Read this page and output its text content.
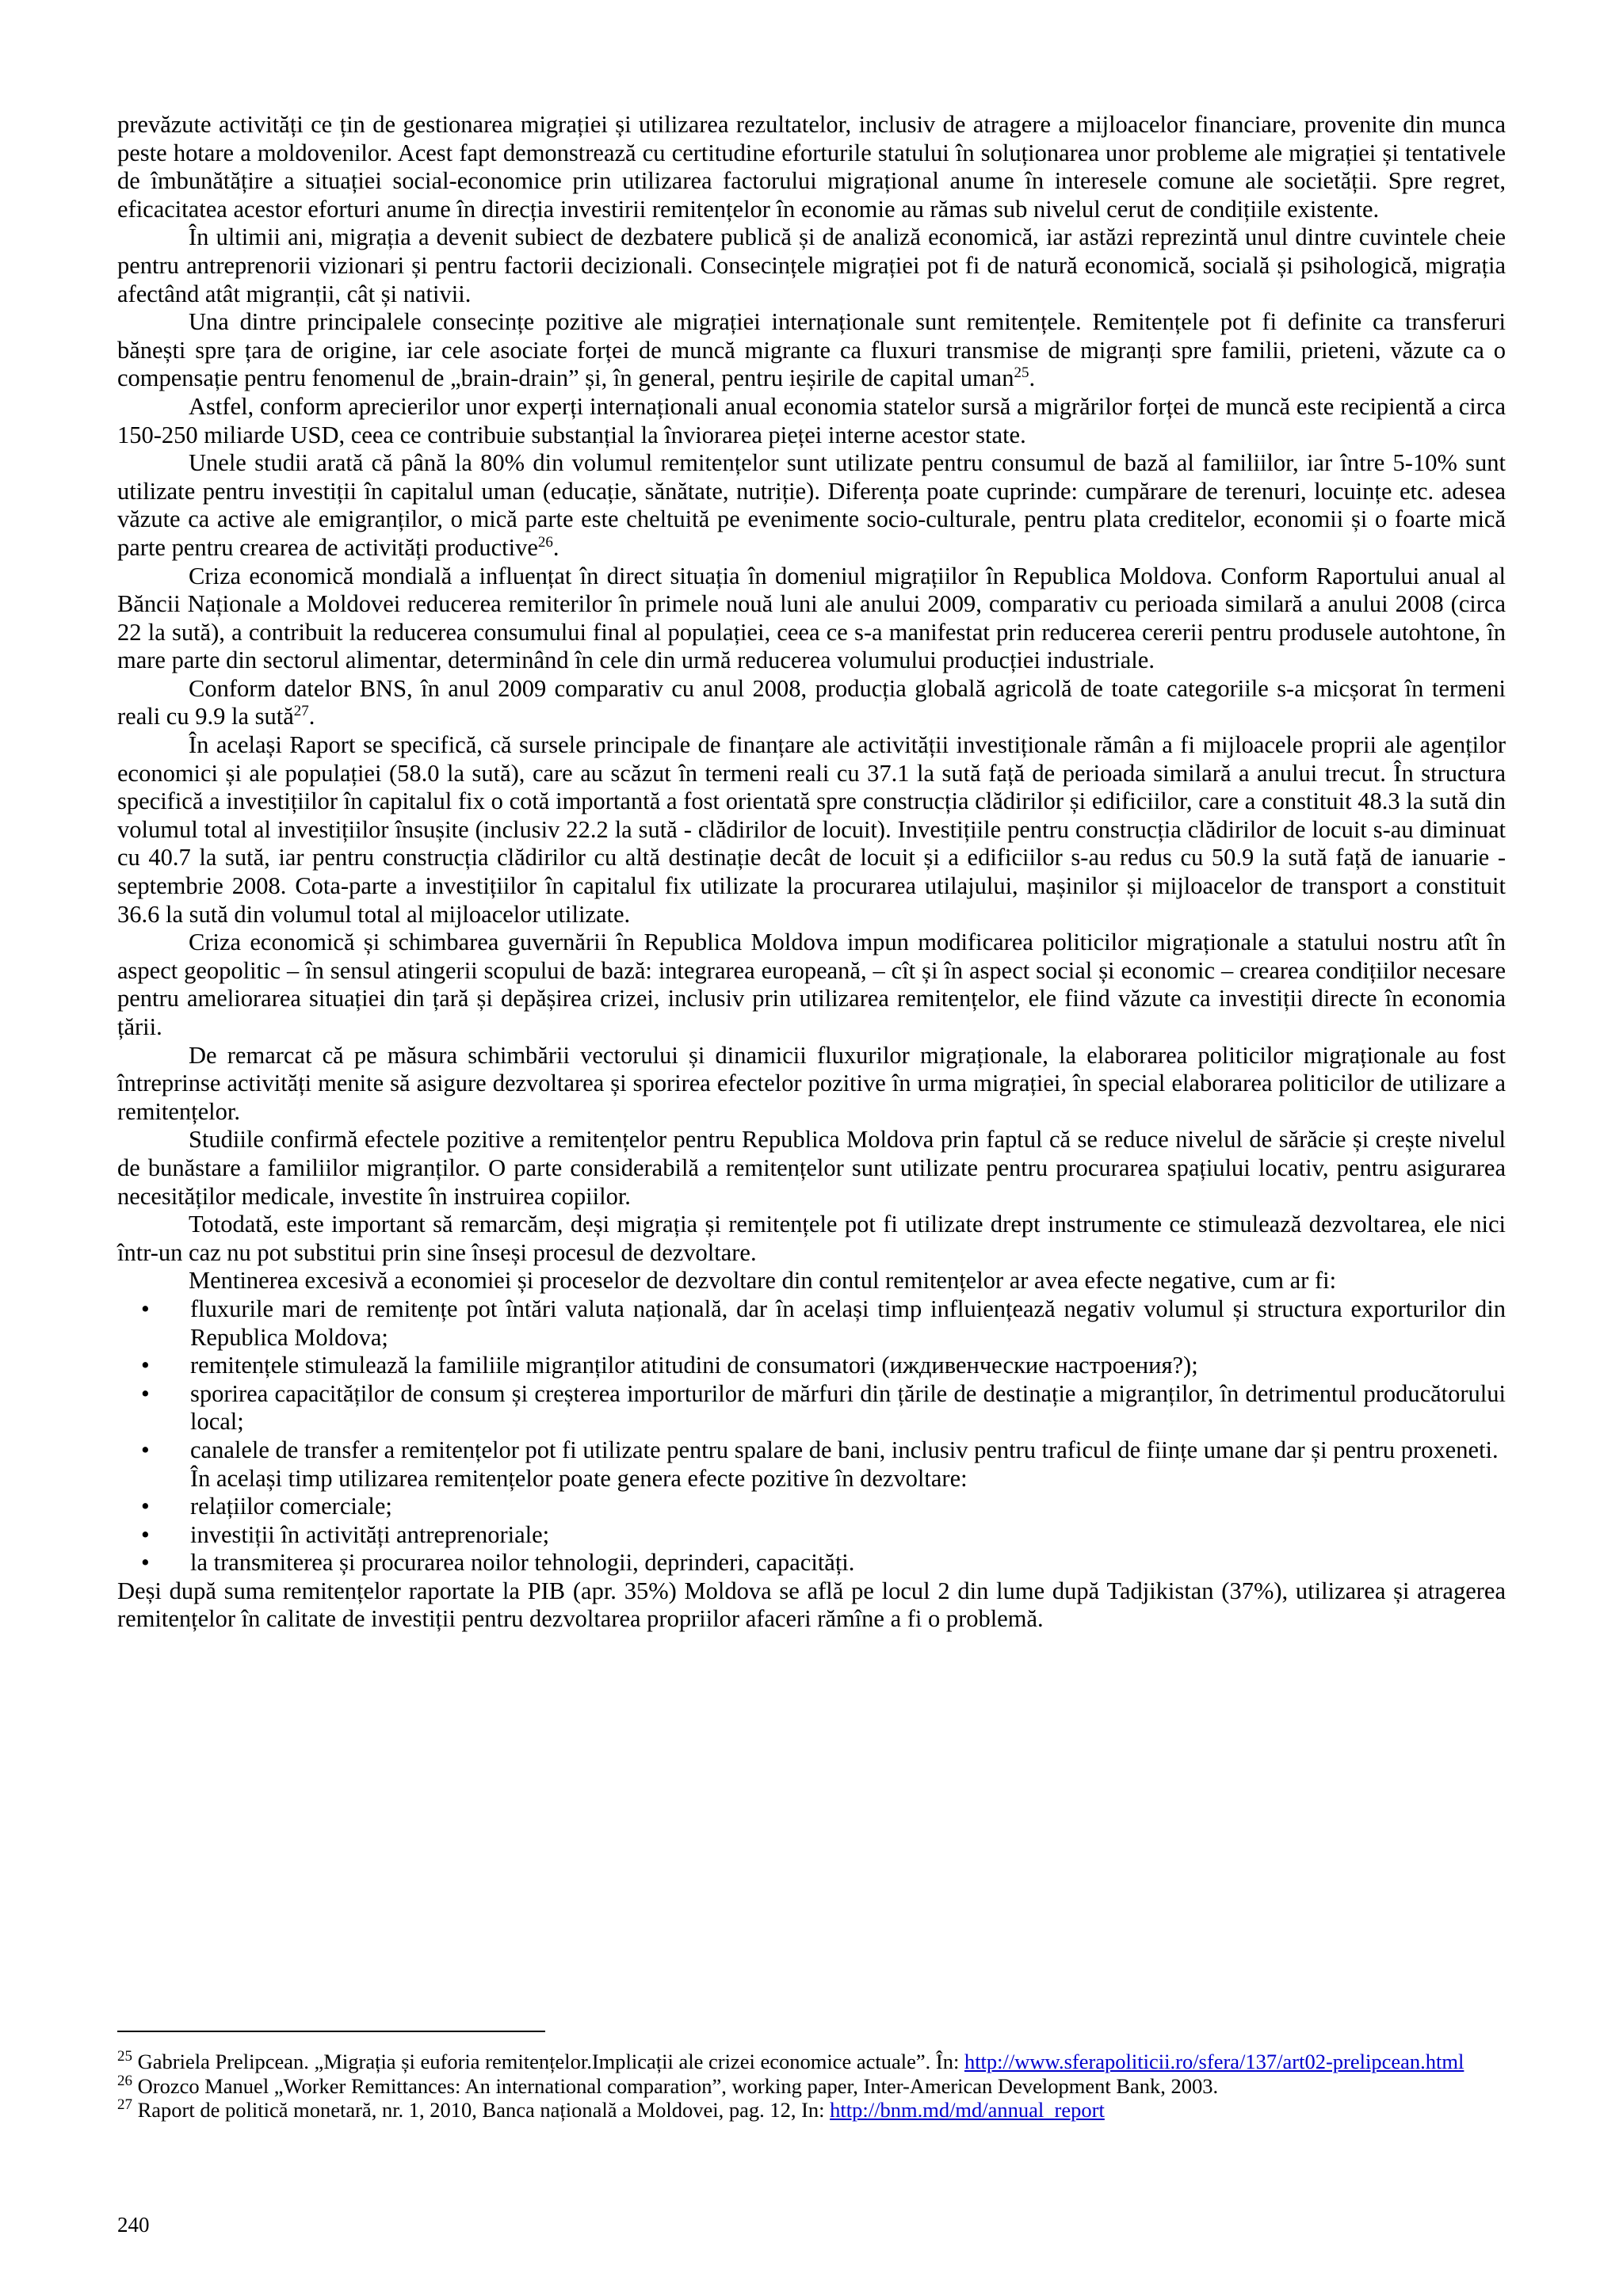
prevăzute activități ce țin de gestionarea migrației și utilizarea rezultatelor, inclusiv de atragere a mijloacelor financiare, provenite din munca peste hotare a moldovenilor. Acest fapt demonstrează cu certitudine eforturile statului în soluționarea unor probleme ale migrației și tentativele de îmbunătățire a situației social-economice prin utilizarea factorului migrațional anume în interesele comune ale societății. Spre regret, eficacitatea acestor eforturi anume în direcția investirii remitențelor în economie au rămas sub nivelul cerut de condițiile existente.

În ultimii ani, migrația a devenit subiect de dezbatere publică și de analiză economică, iar astăzi reprezintă unul dintre cuvintele cheie pentru antreprenorii vizionari și pentru factorii decizionali. Consecințele migrației pot fi de natură economică, socială și psihologică, migrația afectând atât migranții, cât și nativii.

Una dintre principalele consecințe pozitive ale migrației internaționale sunt remitențele. Remitențele pot fi definite ca transferuri bănești spre țara de origine, iar cele asociate forței de muncă migrante ca fluxuri transmise de migranți spre familii, prieteni, văzute ca o compensație pentru fenomenul de „brain-drain” și, în general, pentru ieșirile de capital uman$^{25}$.

Astfel, conform aprecierilor unor experți internaționali anual economia statelor sursă a migrărilor forței de muncă este recipientă a circa 150-250 miliarde USD, ceea ce contribuie substanțial la înviorarea pieței interne acestor state.

Unele studii arată că până la 80% din volumul remitențelor sunt utilizate pentru consumul de bază al familiilor, iar între 5-10% sunt utilizate pentru investiții în capitalul uman (educație, sănătate, nutriție). Diferența poate cuprinde: cumpărare de terenuri, locuințe etc. adesea văzute ca active ale emigranților, o mică parte este cheltuită pe evenimente socio-culturale, pentru plata creditelor, economii și o foarte mică parte pentru crearea de activități productive$^{26}$.

Criza economică mondială a influențat în direct situația în domeniul migrațiilor în Republica Moldova. Conform Raportului anual al Băncii Naționale a Moldovei reducerea remiterilor în primele nouă luni ale anului 2009, comparativ cu perioada similară a anului 2008 (circa 22 la sută), a contribuit la reducerea consumului final al populației, ceea ce s-a manifestat prin reducerea cererii pentru produsele autohtone, în mare parte din sectorul alimentar, determinând în cele din urmă reducerea volumului producției industriale.

Conform datelor BNS, în anul 2009 comparativ cu anul 2008, producția globală agricolă de toate categoriile s-a micșorat în termeni reali cu 9.9 la sută$^{27}$.

În același Raport se specifică, că sursele principale de finanțare ale activității investiționale rămân a fi mijloacele proprii ale agenților economici și ale populației (58.0 la sută), care au scăzut în termeni reali cu 37.1 la sută față de perioada similară a anului trecut. În structura specifică a investițiilor în capitalul fix o cotă importantă a fost orientată spre construcția clădirilor și edificiilor, care a constituit 48.3 la sută din volumul total al investițiilor însușite (inclusiv 22.2 la sută - clădirilor de locuit). Investițiile pentru construcția clădirilor de locuit s-au diminuat cu 40.7 la sută, iar pentru construcția clădirilor cu altă destinație decât de locuit și a edificiilor s-au redus cu 50.9 la sută față de ianuarie - septembrie 2008. Cota-parte a investițiilor în capitalul fix utilizate la procurarea utilajului, mașinilor și mijloacelor de transport a constituit 36.6 la sută din volumul total al mijloacelor utilizate.

Criza economică și schimbarea guvernării în Republica Moldova impun modificarea politicilor migraționale a statului nostru atît în aspect geopolitic – în sensul atingerii scopului de bază: integrarea europeană, – cît și în aspect social și economic – crearea condițiilor necesare pentru ameliorarea situației din țară și depășirea crizei, inclusiv prin utilizarea remitențelor, ele fiind văzute ca investiții directe în economia țării.

De remarcat că pe măsura schimbării vectorului și dinamicii fluxurilor migraționale, la elaborarea politicilor migraționale au fost întreprinse activități menite să asigure dezvoltarea și sporirea efectelor pozitive în urma migrației, în special elaborarea politicilor de utilizare a remitențelor.

Studiile confirmă efectele pozitive a remitențelor pentru Republica Moldova prin faptul că se reduce nivelul de sărăcie și crește nivelul de bunăstare a familiilor migranților. O parte considerabilă a remitențelor sunt utilizate pentru procurarea spațiului locativ, pentru asigurarea necesităților medicale, investite în instruirea copiilor.

Totodată, este important să remarcăm, deși migrația și remitențele pot fi utilizate drept instrumente ce stimulează dezvoltarea, ele nici într-un caz nu pot substitui prin sine înseși procesul de dezvoltare.

Mentinerea excesivă a economiei și proceselor de dezvoltare din contul remitențelor ar avea efecte negative, cum ar fi:

• fluxurile mari de remitențe pot întări valuta națională, dar în același timp influiențează negativ volumul și structura exporturilor din Republica Moldova;
• remitențele stimulează la familiile migranților atitudini de consumatori (иждивенческие настроения?);
• sporirea capacităților de consum și creșterea importurilor de mărfuri din țările de destinație a migranților, în detrimentul producătorului local;
• canalele de transfer a remitențelor pot fi utilizate pentru spalare de bani, inclusiv pentru traficul de ființe umane dar și pentru proxeneti.

În același timp utilizarea remitențelor poate genera efecte pozitive în dezvoltare:

• relațiilor comerciale;
• investiții în activități antreprenoriale;
• la transmiterea și procurarea noilor tehnologii, deprinderi, capacități.

Deși după suma remitențelor raportate la PIB (apr. 35%) Moldova se află pe locul 2 din lume după Tadjikistan (37%), utilizarea și atragerea remitențelor în calitate de investiții pentru dezvoltarea propriilor afaceri rămîne a fi o problemă.

$^{25}$ Gabriela Prelipcean. „Migrația și euforia remitențelor.Implicații ale crizei economice actuale”. În: http://www.sferapoliticii.ro/sfera/137/art02-prelipcean.html

$^{26}$ Orozco Manuel „Worker Remittances: An international comparation”, working paper, Inter-American Development Bank, 2003.

$^{27}$ Raport de politică monetară, nr. 1, 2010, Banca națională a Moldovei, pag. 12, In: http://bnm.md/md/annual_report

240
